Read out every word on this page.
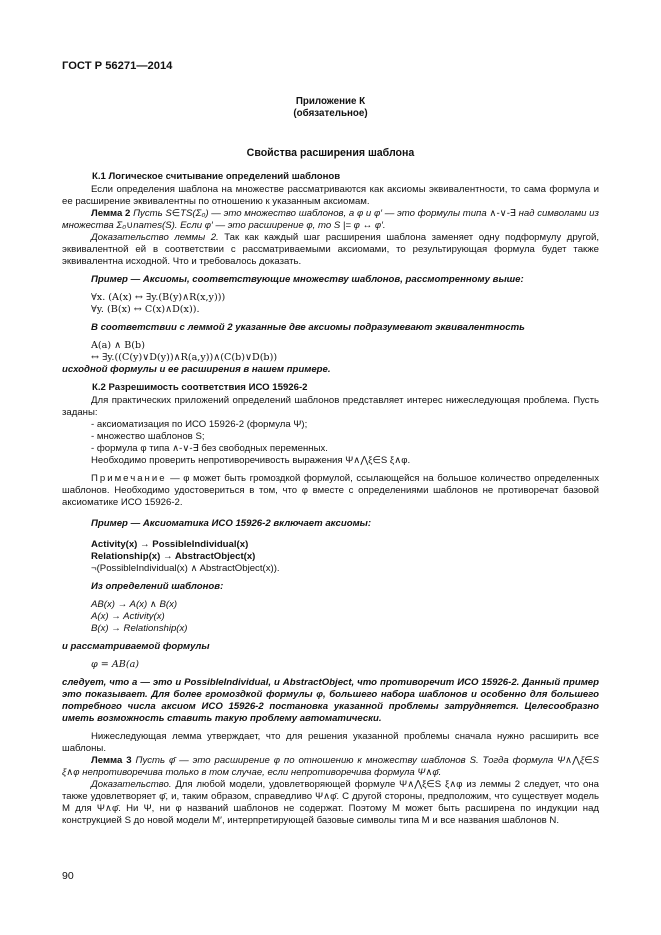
ГОСТ Р 56271—2014
Приложение К
(обязательное)
Свойства расширения шаблона
К.1 Логическое считывание определений шаблонов

Если определения шаблона на множестве рассматриваются как аксиомы эквивалентности, то сама формула и ее расширение эквивалентны по отношению к указанным аксиомам.

Лемма 2 Пусть S∈TS(Σ₀) — это множество шаблонов, а φ и φ′ — это формулы типа ∧-∨-∃ над символами из множества Σ₀∪names(S). Если φ′ — это расширение φ, то S |= φ ↔ φ′.

Доказательство леммы 2. Так как каждый шаг расширения шаблона заменяет одну подформулу другой, эквивалентной ей в соответствии с рассматриваемыми аксиомами, то результирующая формула будет также эквивалентна исходной. Что и требовалось доказать.

Пример — Аксиомы, соответствующие множеству шаблонов, рассмотренному выше:

∀x. (A(x) ↔ ∃y.(B(y)∧R(x,y)))

∀y. (B(x) ↔ C(x)∧D(x)).

В соответствии с леммой 2 указанные две аксиомы подразумевают эквивалентность

A(a) ∧ B(b)

↔ ∃y.((C(y)∨D(y))∧R(a,y))∧(C(b)∨D(b))

исходной формулы и ее расширения в нашем примере.

К.2 Разрешимость соответствия ИСО 15926-2

Для практических приложений определений шаблонов представляет интерес нижеследующая проблема. Пусть заданы:

- аксиоматизация по ИСО 15926-2 (формула Ψ);

- множество шаблонов S;

- формула φ типа ∧-∨-∃ без свободных переменных.

Необходимо проверить непротиворечивость выражения Ψ∧⋀ξ∈S ξ∧φ.

Примечание — φ может быть громоздкой формулой, ссылающейся на большое количество определенных шаблонов. Необходимо удостовериться в том, что φ вместе с определениями шаблонов не противоречат базовой аксиоматике ИСО 15926-2.

Пример — Аксиоматика ИСО 15926-2 включает аксиомы:

Activity(x) → PossibleIndividual(x)

Relationship(x) → AbstractObject(x)

¬(PossibleIndividual(x) ∧ AbstractObject(x)).

Из определений шаблонов:

AB(x) → A(x) ∧ B(x)

A(x) → Activity(x)

B(x) → Relationship(x)

и рассматриваемой формулы

φ = AB(a)

следует, что a — это и PossibleIndividual, и AbstractObject, что противоречит ИСО 15926-2. Данный пример это показывает. Для более громоздкой формулы φ, большего набора шаблонов и особенно для большего потребного числа аксиом ИСО 15926-2 постановка указанной проблемы затрудняется. Целесообразно иметь возможность ставить такую проблему автоматически.

Нижеследующая лемма утверждает, что для решения указанной проблемы сначала нужно расширить все шаблоны.

Лемма 3 Пусть φ̄ — это расширение φ по отношению к множеству шаблонов S. Тогда формула Ψ∧⋀ξ∈S ξ∧φ непротиворечива только в том случае, если непротиворечива формула Ψ∧φ̄.

Доказательство. Для любой модели, удовлетворяющей формуле Ψ∧⋀ξ∈S ξ∧φ из леммы 2 следует, что она также удовлетворяет φ̄, и, таким образом, справедливо Ψ∧φ̄. С другой стороны, предположим, что существует модель M для Ψ∧φ̄. Ни Ψ, ни φ названий шаблонов не содержат. Поэтому M может быть расширена по индукции над конструкцией S до новой модели M′, интерпретирующей базовые символы типа M и все названия шаблонов N.

90
